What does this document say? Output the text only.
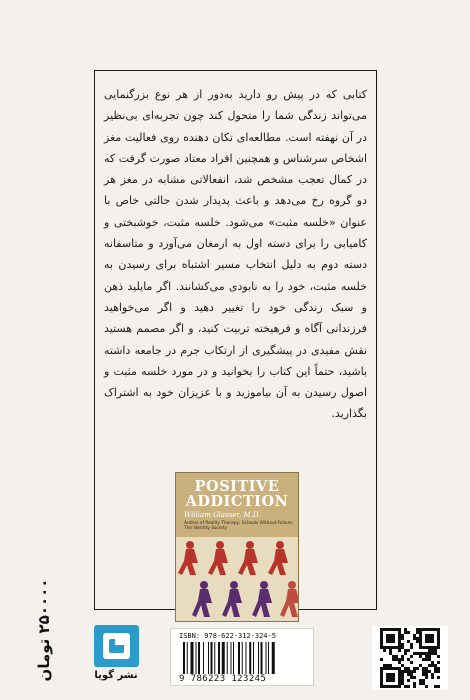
کتابی که در پیش رو دارید به‌دور از هر نوع بزرگنمایی می‌تواند زندگی شما را متحول کند چون تجربه‌ای بی‌نظیر در آن نهفته است. مطالعه‌ای تکان دهنده روی فعالیت مغز اشخاص سرشناس و همچنین افراد معتاد صورت گرفت که در کمال تعجب مشخص شد، انفعالاتی مشابه در مغز هر دو گروه رخ می‌دهد و باعث پدیدار شدن حالتی خاص با عنوان «خلسه مثبت» می‌شود. خلسه مثبت، خوشبختی و کامیابی را برای دسته اول به ارمغان می‌آورد و متاسفانه دسته دوم به دلیل انتخاب مسیر اشتباه برای رسیدن به خلسه مثبت، خود را به نابودی می‌کشانند. اگر مایلید ذهن و سبک زندگی خود را تغییر دهید و اگر می‌خواهید فرزندانی آگاه و فرهیخته تربیت کنید، و اگر مصمم هستید نقش مفیدی در پیشگیری از ارتکاب جرم در جامعه داشته باشید، حتماً این کتاب را بخوانید و در مورد خلسه مثبت و اصول رسیدن به آن بیاموزید و با عزیزان خود به اشتراک بگذارید.

POSITIVE
ADDICTION
William Glasser, M.D.
Author of Reality Therapy, Schools Without Failure, The Identity Society
نشر گویا
۲۵۰۰۰۰ تومان
ISBN: 978-622-312-324-5
9 786223 123245
